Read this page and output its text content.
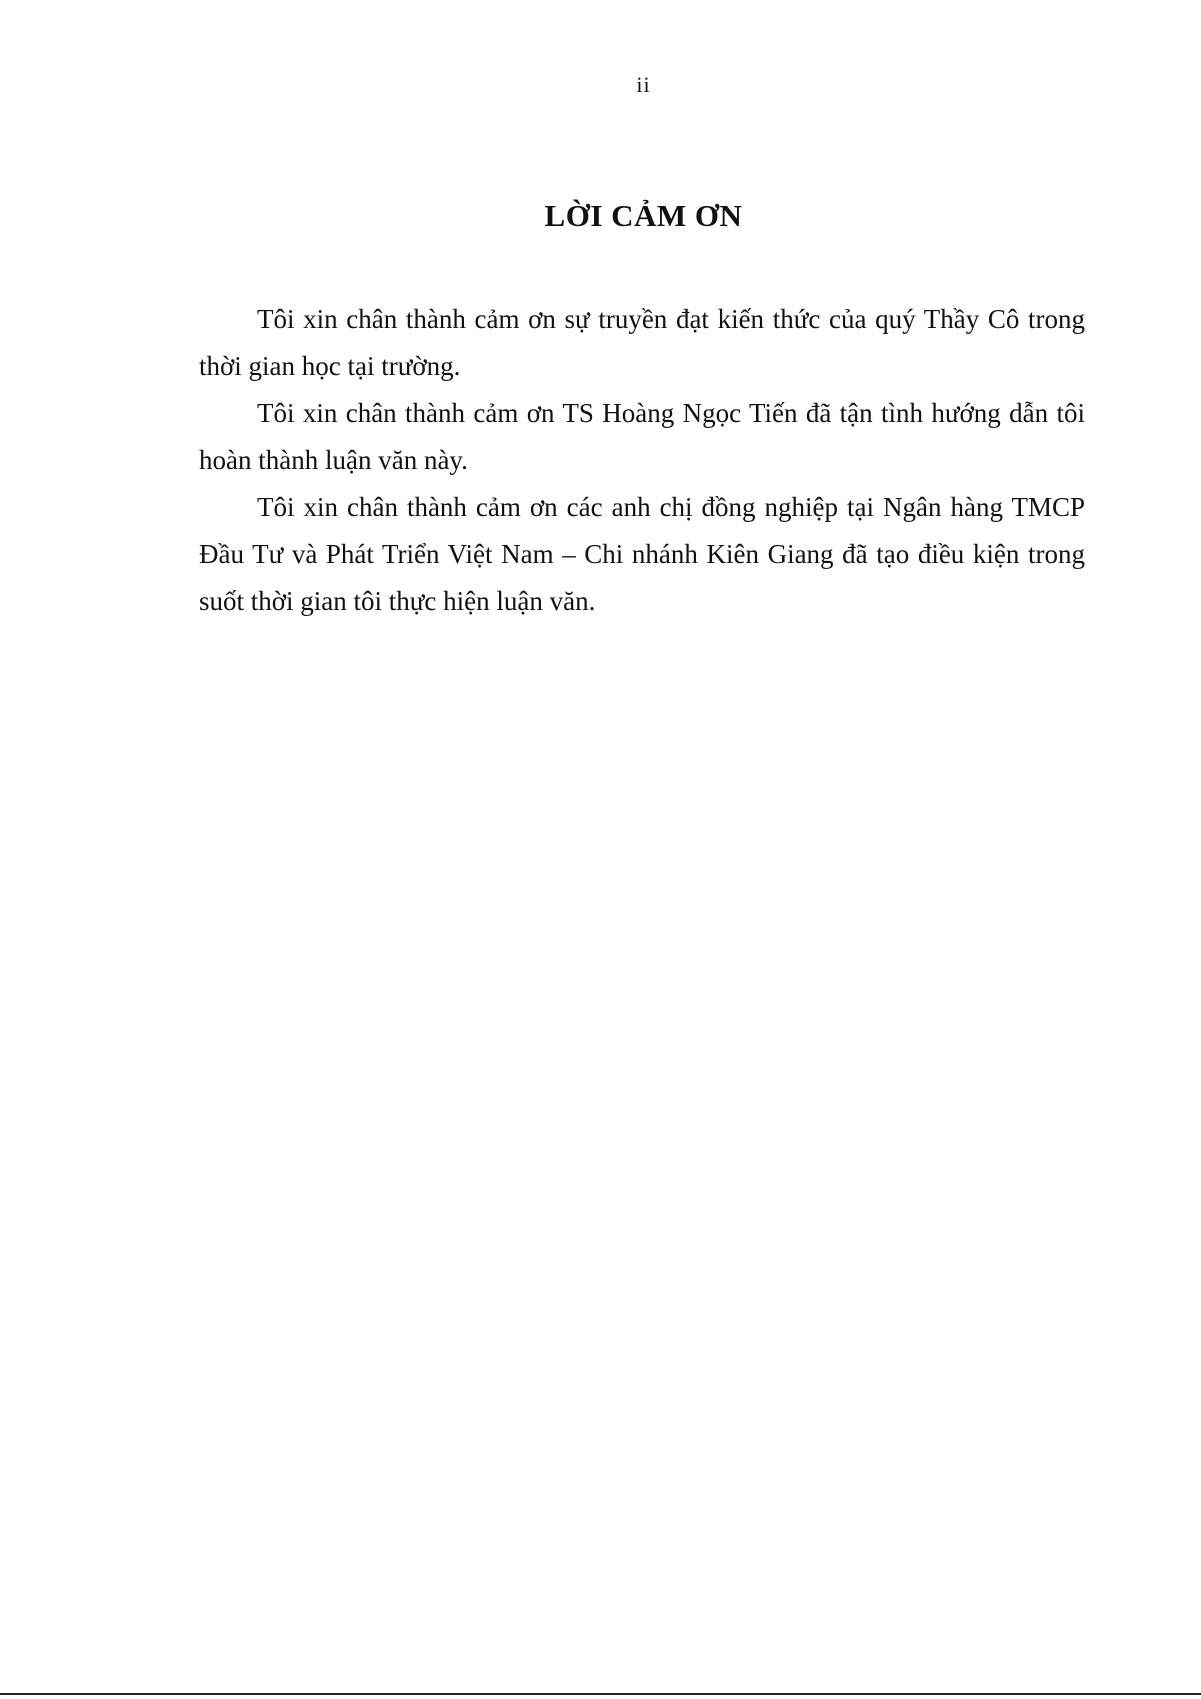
ii
LỜI CẢM ƠN

Tôi xin chân thành cảm ơn sự truyền đạt kiến thức của quý Thầy Cô trong thời gian học tại trường.

Tôi xin chân thành cảm ơn TS Hoàng Ngọc Tiến đã tận tình hướng dẫn tôi hoàn thành luận văn này.

Tôi xin chân thành cảm ơn các anh chị đồng nghiệp tại Ngân hàng TMCP Đầu Tư và Phát Triển Việt Nam – Chi nhánh Kiên Giang đã tạo điều kiện trong suốt thời gian tôi thực hiện luận văn.
